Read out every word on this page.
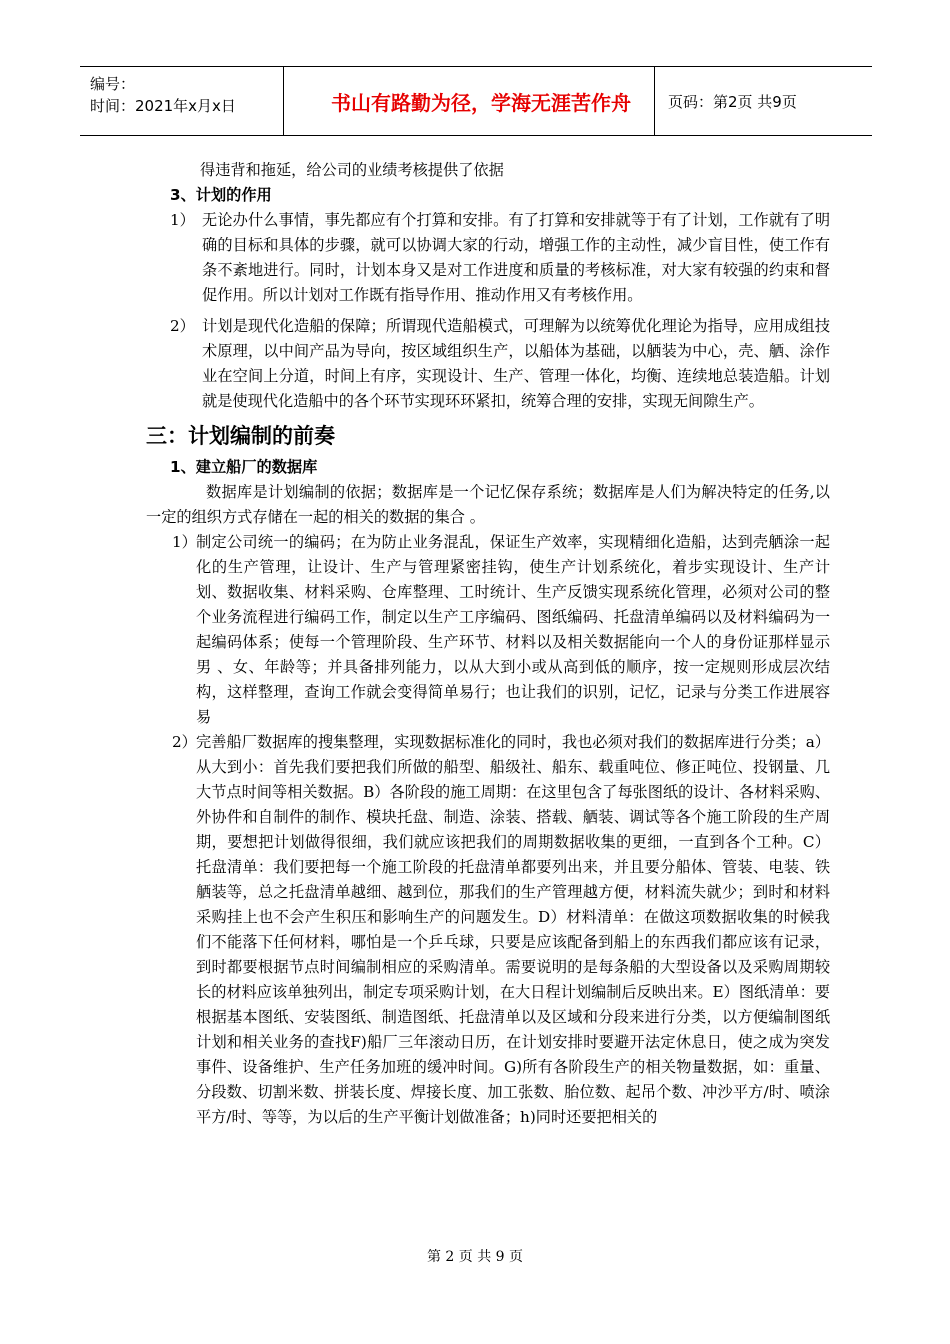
编号：
时间：2021年x月x日	书山有路勤为径，学海无涯苦作舟	页码：第2页 共9页

得违背和拖延，给公司的业绩考核提供了依据

3、计划的作用
1） 无论办什么事情，事先都应有个打算和安排。有了打算和安排就等于有了计划，工作就有了明确的目标和具体的步骤，就可以协调大家的行动，增强工作的主动性，减少盲目性，使工作有条不紊地进行。同时，计划本身又是对工作进度和质量的考核标准，对大家有较强的约束和督促作用。所以计划对工作既有指导作用、推动作用又有考核作用。
2） 计划是现代化造船的保障；所谓现代造船模式，可理解为以统筹优化理论为指导，应用成组技术原理，以中间产品为导向，按区域组织生产，以船体为基础，以舾装为中心，壳、舾、涂作业在空间上分道，时间上有序，实现设计、生产、管理一体化，均衡、连续地总装造船。计划就是使现代化造船中的各个环节实现环环紧扣，统筹合理的安排，实现无间隙生产。
三：计划编制的前奏
1、建立船厂的数据库

数据库是计划编制的依据；数据库是一个记忆保存系统；数据库是人们为解决特定的任务,以一定的组织方式存储在一起的相关的数据的集合 。

1） 制定公司统一的编码；在为防止业务混乱，保证生产效率，实现精细化造船，达到壳舾涂一起化的生产管理，让设计、生产与管理紧密挂钩，使生产计划系统化，着步实现设计、生产计划、数据收集、材料采购、仓库整理、工时统计、生产反馈实现系统化管理，必须对公司的整个业务流程进行编码工作，制定以生产工序编码、图纸编码、托盘清单编码以及材料编码为一起编码体系；使每一个管理阶段、生产环节、材料以及相关数据能向一个人的身份证那样显示男 、女、年龄等；并具备排列能力，以从大到小或从高到低的顺序，按一定规则形成层次结构，这样整理，查询工作就会变得简单易行；也让我们的识别，记忆，记录与分类工作进展容易
2） 完善船厂数据库的搜集整理，实现数据标准化的同时，我也必须对我们的数据库进行分类；a）从大到小：首先我们要把我们所做的船型、船级社、船东、载重吨位、修正吨位、投钢量、几大节点时间等相关数据。B）各阶段的施工周期：在这里包含了每张图纸的设计、各材料采购、外协件和自制件的制作、模块托盘、制造、涂装、搭载、舾装、调试等各个施工阶段的生产周期，要想把计划做得很细，我们就应该把我们的周期数据收集的更细，一直到各个工种。C）托盘清单：我们要把每一个施工阶段的托盘清单都要列出来，并且要分船体、管装、电装、铁舾装等，总之托盘清单越细、越到位，那我们的生产管理越方便，材料流失就少；到时和材料采购挂上也不会产生积压和影响生产的问题发生。D）材料清单：在做这项数据收集的时候我们不能落下任何材料，哪怕是一个乒乓球，只要是应该配备到船上的东西我们都应该有记录，到时都要根据节点时间编制相应的采购清单。需要说明的是每条船的大型设备以及采购周期较长的材料应该单独列出，制定专项采购计划，在大日程计划编制后反映出来。E）图纸清单：要根据基本图纸、安装图纸、制造图纸、托盘清单以及区域和分段来进行分类，以方便编制图纸计划和相关业务的查找F)船厂三年滚动日历，在计划安排时要避开法定休息日，使之成为突发事件、设备维护、生产任务加班的缓冲时间。G)所有各阶段生产的相关物量数据，如：重量、分段数、切割米数、拼装长度、焊接长度、加工张数、胎位数、起吊个数、冲沙平方/时、喷涂平方/时、等等，为以后的生产平衡计划做准备；h)同时还要把相关的
第 2 页 共 9 页
